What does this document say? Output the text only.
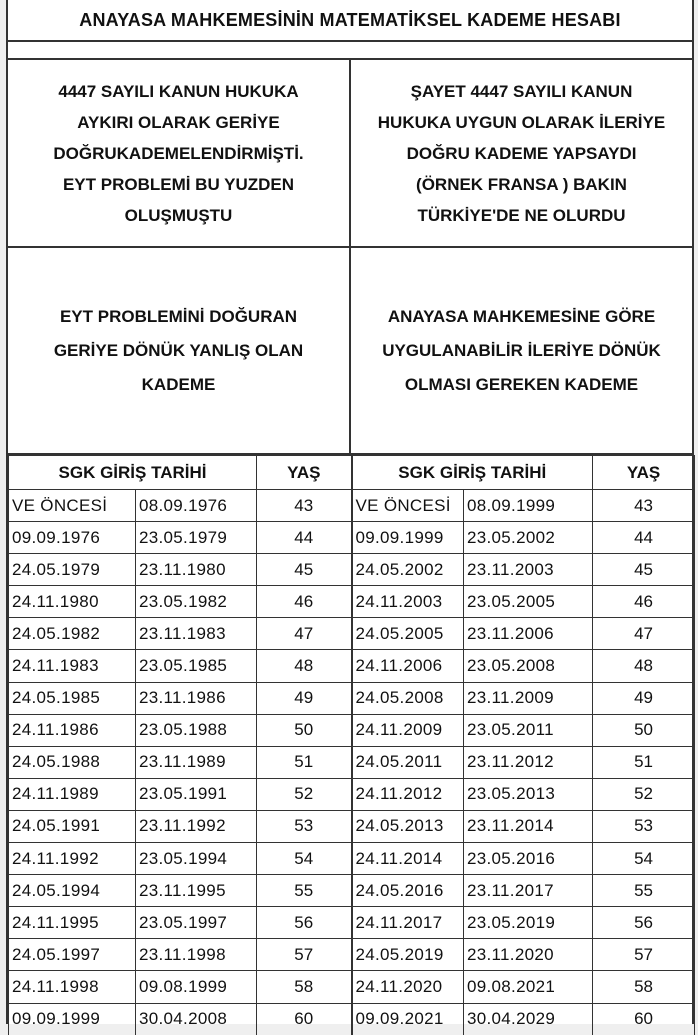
ANAYASA MAHKEMESİNİN MATEMATİKSEL KADEME HESABI
4447 SAYILI KANUN HUKUKA
AYKIRI OLARAK GERİYE
DOĞRUKADEMELENDİRMİŞTİ.
EYT PROBLEMİ BU YUZDEN
OLUŞMUŞTU
ŞAYET 4447 SAYILI KANUN
HUKUKA UYGUN OLARAK İLERİYE
DOĞRU KADEME YAPSAYDI
(ÖRNEK FRANSA ) BAKIN
TÜRKİYE'DE NE OLURDU
EYT PROBLEMİNİ DOĞURAN
GERİYE DÖNÜK YANLIŞ OLAN
KADEME
ANAYASA MAHKEMESİNE GÖRE
UYGULANABİLİR İLERİYE DÖNÜK
OLMASI GEREKEN KADEME
SGK GİRİŞ TARİHİ		YAŞ	SGK GİRİŞ TARİHİ		YAŞ
VE ÖNCESİ	08.09.1976	43	VE ÖNCESİ	08.09.1999	43
09.09.1976	23.05.1979	44	09.09.1999	23.05.2002	44
24.05.1979	23.11.1980	45	24.05.2002	23.11.2003	45
24.11.1980	23.05.1982	46	24.11.2003	23.05.2005	46
24.05.1982	23.11.1983	47	24.05.2005	23.11.2006	47
24.11.1983	23.05.1985	48	24.11.2006	23.05.2008	48
24.05.1985	23.11.1986	49	24.05.2008	23.11.2009	49
24.11.1986	23.05.1988	50	24.11.2009	23.05.2011	50
24.05.1988	23.11.1989	51	24.05.2011	23.11.2012	51
24.11.1989	23.05.1991	52	24.11.2012	23.05.2013	52
24.05.1991	23.11.1992	53	24.05.2013	23.11.2014	53
24.11.1992	23.05.1994	54	24.11.2014	23.05.2016	54
24.05.1994	23.11.1995	55	24.05.2016	23.11.2017	55
24.11.1995	23.05.1997	56	24.11.2017	23.05.2019	56
24.05.1997	23.11.1998	57	24.05.2019	23.11.2020	57
24.11.1998	09.08.1999	58	24.11.2020	09.08.2021	58
09.09.1999	30.04.2008	60	09.09.2021	30.04.2029	60
